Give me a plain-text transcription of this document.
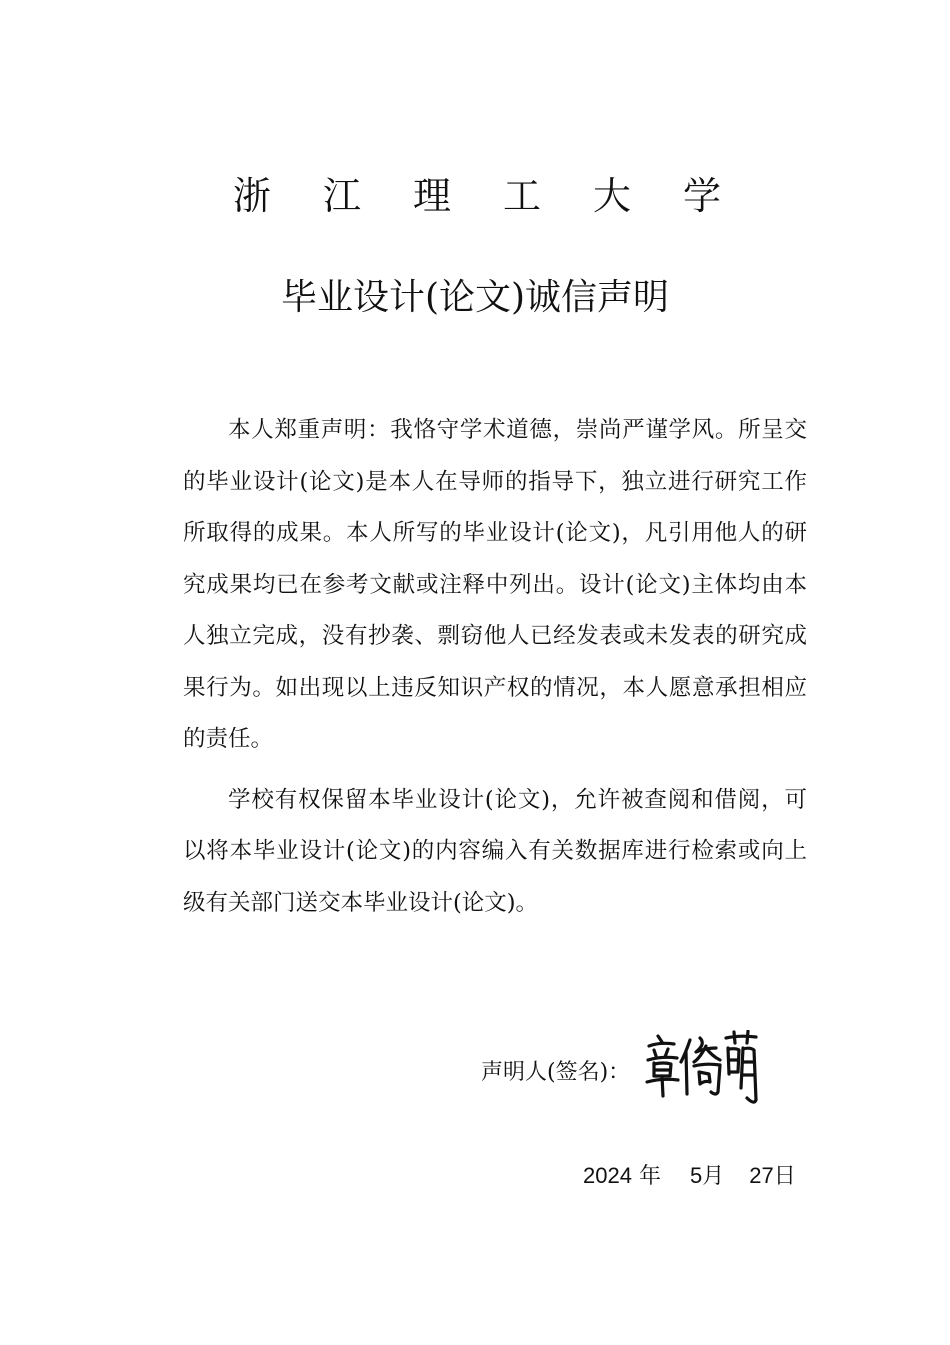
浙 江 理 工 大 学
毕业设计(论文)诚信声明

本人郑重声明：我恪守学术道德，崇尚严谨学风。所呈交的毕业设计(论文)是本人在导师的指导下，独立进行研究工作所取得的成果。本人所写的毕业设计(论文)，凡引用他人的研究成果均已在参考文献或注释中列出。设计(论文)主体均由本人独立完成，没有抄袭、剽窃他人已经发表或未发表的研究成果行为。如出现以上违反知识产权的情况，本人愿意承担相应的责任。

学校有权保留本毕业设计(论文)，允许被查阅和借阅，可以将本毕业设计(论文)的内容编入有关数据库进行检索或向上级有关部门送交本毕业设计(论文)。

声明人(签名)：
2024 年 5月 27日
